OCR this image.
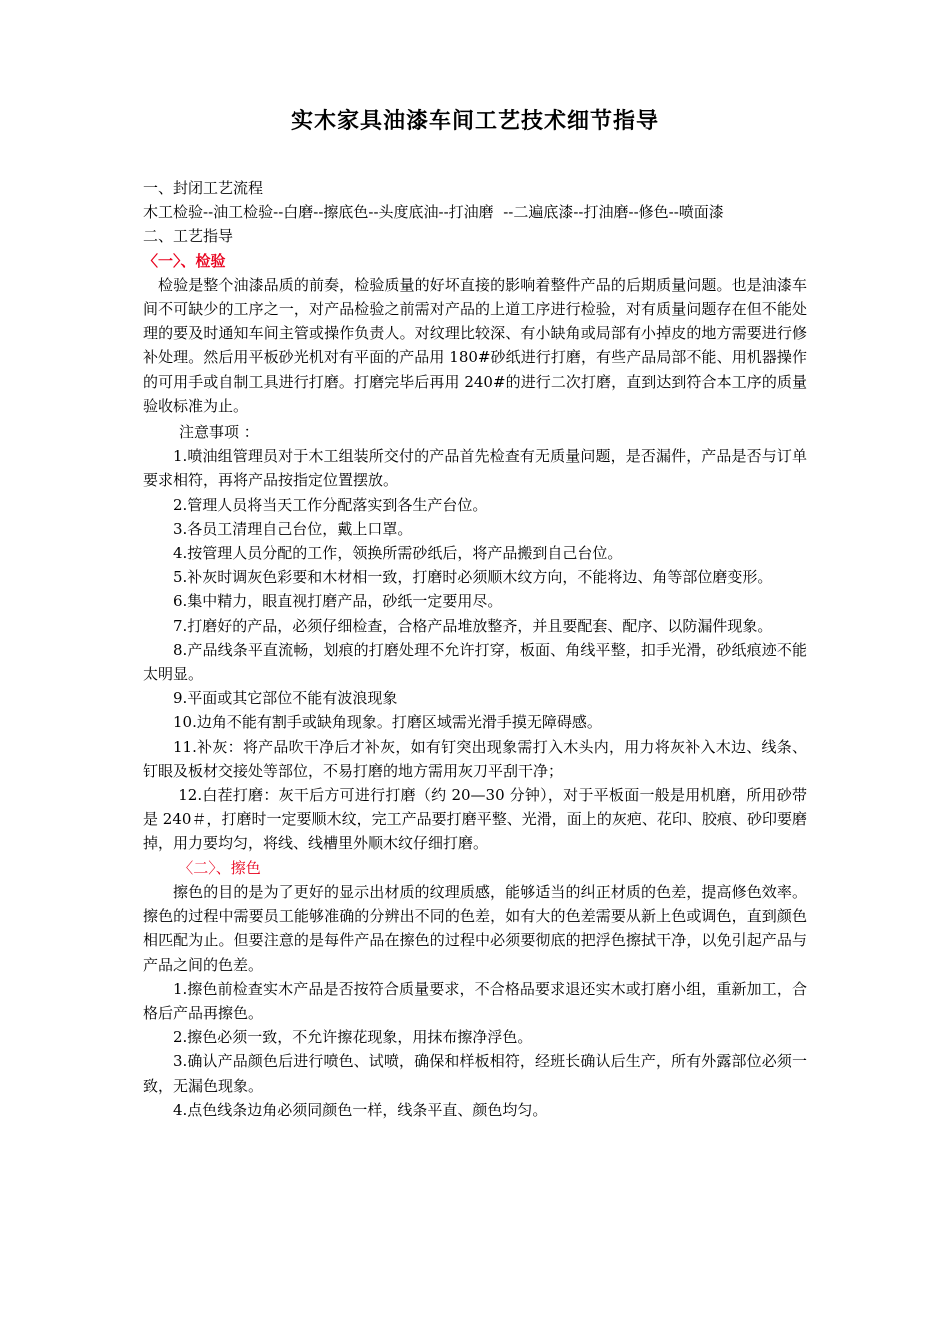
实木家具油漆车间工艺技术细节指导

一、封闭工艺流程

木工检验--油工检验--白磨--擦底色--头度底油--打油磨  --二遍底漆--打油磨--修色--喷面漆

二、工艺指导

〈一〉、检验

检验是整个油漆品质的前奏，检验质量的好坏直接的影响着整件产品的后期质量问题。也是油漆车间不可缺少的工序之一，对产品检验之前需对产品的上道工序进行检验，对有质量问题存在但不能处理的要及时通知车间主管或操作负责人。对纹理比较深、有小缺角或局部有小掉皮的地方需要进行修补处理。然后用平板砂光机对有平面的产品用 180#砂纸进行打磨，有些产品局部不能、用机器操作的可用手或自制工具进行打磨。打磨完毕后再用 240#的进行二次打磨，直到达到符合本工序的质量验收标准为止。

注意事项 ：

1.喷油组管理员对于木工组装所交付的产品首先检查有无质量问题，是否漏件，产品是否与订单要求相符，再将产品按指定位置摆放。

2.管理人员将当天工作分配落实到各生产台位。

3.各员工清理自己台位，戴上口罩。

4.按管理人员分配的工作，领换所需砂纸后，将产品搬到自己台位。

5.补灰时调灰色彩要和木材相一致，打磨时必须顺木纹方向，不能将边、角等部位磨变形。

6.集中精力，眼直视打磨产品，砂纸一定要用尽。

7.打磨好的产品，必须仔细检查，合格产品堆放整齐，并且要配套、配序、以防漏件现象。

8.产品线条平直流畅，划痕的打磨处理不允许打穿，板面、角线平整，扣手光滑，砂纸痕迹不能太明显。

9.平面或其它部位不能有波浪现象

10.边角不能有割手或缺角现象。打磨区域需光滑手摸无障碍感。

11.补灰：将产品吹干净后才补灰，如有钉突出现象需打入木头内，用力将灰补入木边、线条、钉眼及板材交接处等部位，不易打磨的地方需用灰刀平刮干净；

12.白茬打磨：灰干后方可进行打磨（约 20—30 分钟），对于平板面一般是用机磨，所用砂带是 240＃，打磨时一定要顺木纹，完工产品要打磨平整、光滑，面上的灰疤、花印、胶痕、砂印要磨掉，用力要均匀，将线、线槽里外顺木纹仔细打磨。

〈二〉、擦色

擦色的目的是为了更好的显示出材质的纹理质感，能够适当的纠正材质的色差，提高修色效率。擦色的过程中需要员工能够准确的分辨出不同的色差，如有大的色差需要从新上色或调色，直到颜色相匹配为止。但要注意的是每件产品在擦色的过程中必须要彻底的把浮色擦拭干净，以免引起产品与产品之间的色差。

1.擦色前检查实木产品是否按符合质量要求，不合格品要求退还实木或打磨小组，重新加工，合格后产品再擦色。

2.擦色必须一致，不允许擦花现象，用抹布擦净浮色。

3.确认产品颜色后进行喷色、试喷，确保和样板相符，经班长确认后生产，所有外露部位必须一致，无漏色现象。

4.点色线条边角必须同颜色一样，线条平直、颜色均匀。
